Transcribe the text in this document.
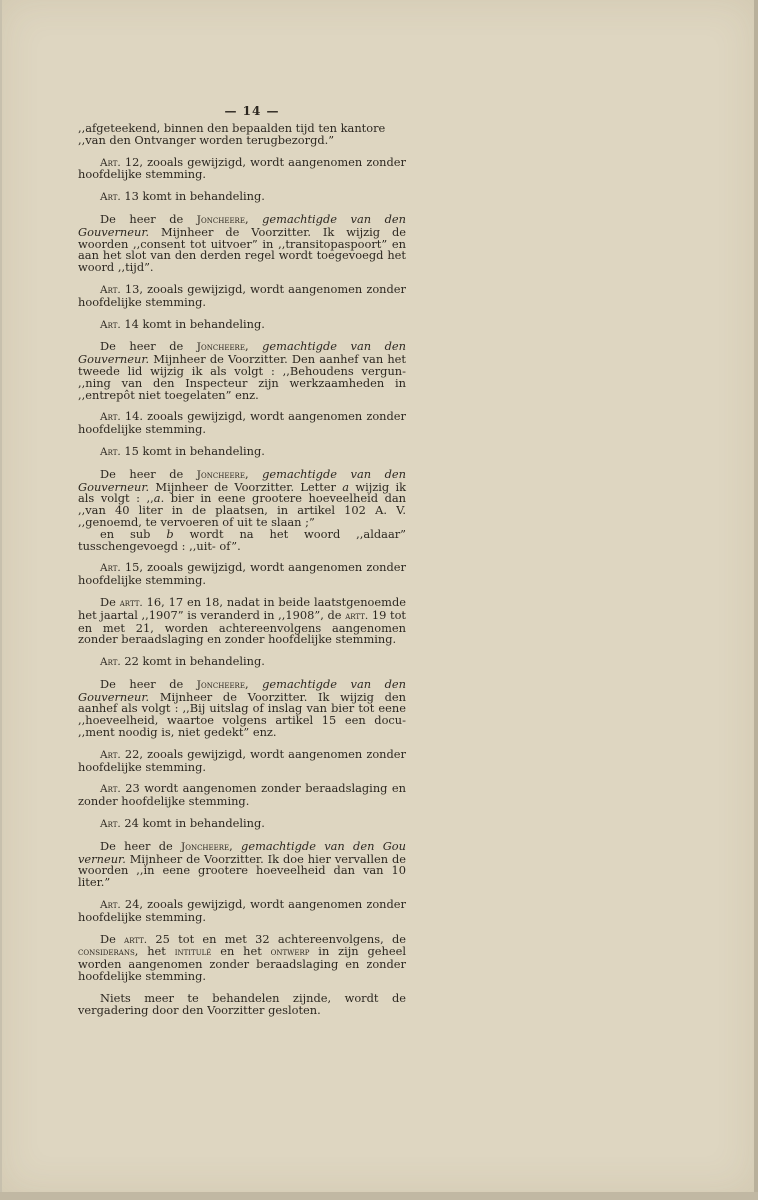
— 14 —

,,afgeteekend, binnen den bepaalden tijd ten kantore
,,van den Ontvanger worden terugbezorgd.”

Art. 12, zooals gewijzigd, wordt aangenomen zonder hoofdelijke stemming.

Art. 13 komt in behandeling.

De heer de Joncheere, gemachtigde van den Gouverneur. Mijnheer de Voorzitter. Ik wijzig de woorden ,,consent tot uitvoer” in ,,transitopaspoort” en aan het slot van den derden regel wordt toegevoegd het woord ,,tijd”.

Art. 13, zooals gewijzigd, wordt aangenomen zonder hoofdelijke stemming.

Art. 14 komt in behandeling.

De heer de Joncheere, gemachtigde van den Gouverneur. Mijnheer de Voorzitter. Den aanhef van het tweede lid wijzig ik als volgt : ,,Behoudens vergun- ,,ning van den Inspecteur zijn werkzaamheden in ,,entrepôt niet toegelaten” enz.

Art. 14. zooals gewijzigd, wordt aangenomen zonder hoofdelijke stemming.

Art. 15 komt in behandeling.

De heer de Joncheere, gemachtigde van den Gouverneur. Mijnheer de Voorzitter. Letter a wijzig ik als volgt : ,,a. bier in eene grootere hoeveelheid dan ,,van 40 liter in de plaatsen, in artikel 102 A. V. ,,genoemd, te vervoeren of uit te slaan ;”
en sub b wordt na het woord ,,aldaar” tusschengevoegd : ,,uit- of”.

Art. 15, zooals gewijzigd, wordt aangenomen zonder hoofdelijke stemming.

De artt. 16, 17 en 18, nadat in beide laatstgenoemde het jaartal ,,1907” is veranderd in ,,1908”, de artt. 19 tot en met 21, worden achtereenvolgens aangenomen zonder beraadslaging en zonder hoofdelijke stemming.

Art. 22 komt in behandeling.

De heer de Joncheere, gemachtigde van den Gouverneur. Mijnheer de Voorzitter. Ik wijzig den aanhef als volgt : ,,Bij uitslag of inslag van bier tot eene ,,hoeveelheid, waartoe volgens artikel 15 een docu- ,,ment noodig is, niet gedekt” enz.

Art. 22, zooals gewijzigd, wordt aangenomen zonder hoofdelijke stemming.

Art. 23 wordt aangenomen zonder beraadslaging en zonder hoofdelijke stemming.

Art. 24 komt in behandeling.

De heer de Joncheere, gemachtigde van den Gou verneur. Mijnheer de Voorzitter. Ik doe hier vervallen de woorden ,,in eene grootere hoeveelheid dan van 10 liter.”

Art. 24, zooals gewijzigd, wordt aangenomen zonder hoofdelijke stemming.

De artt. 25 tot en met 32 achtereenvolgens, de considerans, het intitulé en het ontwerp in zijn geheel worden aangenomen zonder beraadslaging en zonder hoofdelijke stemming.

Niets meer te behandelen zijnde, wordt de vergadering door den Voorzitter gesloten.
